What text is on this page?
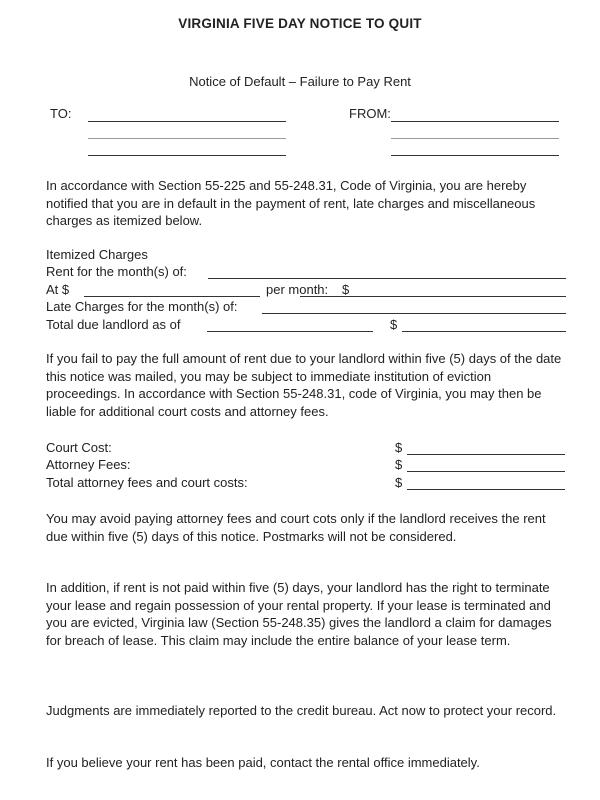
VIRGINIA FIVE DAY NOTICE TO QUIT
Notice of Default – Failure to Pay Rent
TO:	FROM:

In accordance with Section 55-225 and 55-248.31, Code of Virginia, you are hereby notified that you are in default in the payment of rent, late charges and miscellaneous charges as itemized below.

Itemized Charges
Rent for the month(s) of:
At $	per month: $
Late Charges for the month(s) of:
Total due landlord as of	$

If you fail to pay the full amount of rent due to your landlord within five (5) days of the date this notice was mailed, you may be subject to immediate institution of eviction proceedings. In accordance with Section 55-248.31, code of Virginia, you may then be liable for additional court costs and attorney fees.

Court Cost:	$
Attorney Fees:	$
Total attorney fees and court costs:	$

You may avoid paying attorney fees and court cots only if the landlord receives the rent due within five (5) days of this notice. Postmarks will not be considered.

In addition, if rent is not paid within five (5) days, your landlord has the right to terminate your lease and regain possession of your rental property. If your lease is terminated and you are evicted, Virginia law (Section 55-248.35) gives the landlord a claim for damages for breach of lease. This claim may include the entire balance of your lease term.

Judgments are immediately reported to the credit bureau. Act now to protect your record.

If you believe your rent has been paid, contact the rental office immediately.
